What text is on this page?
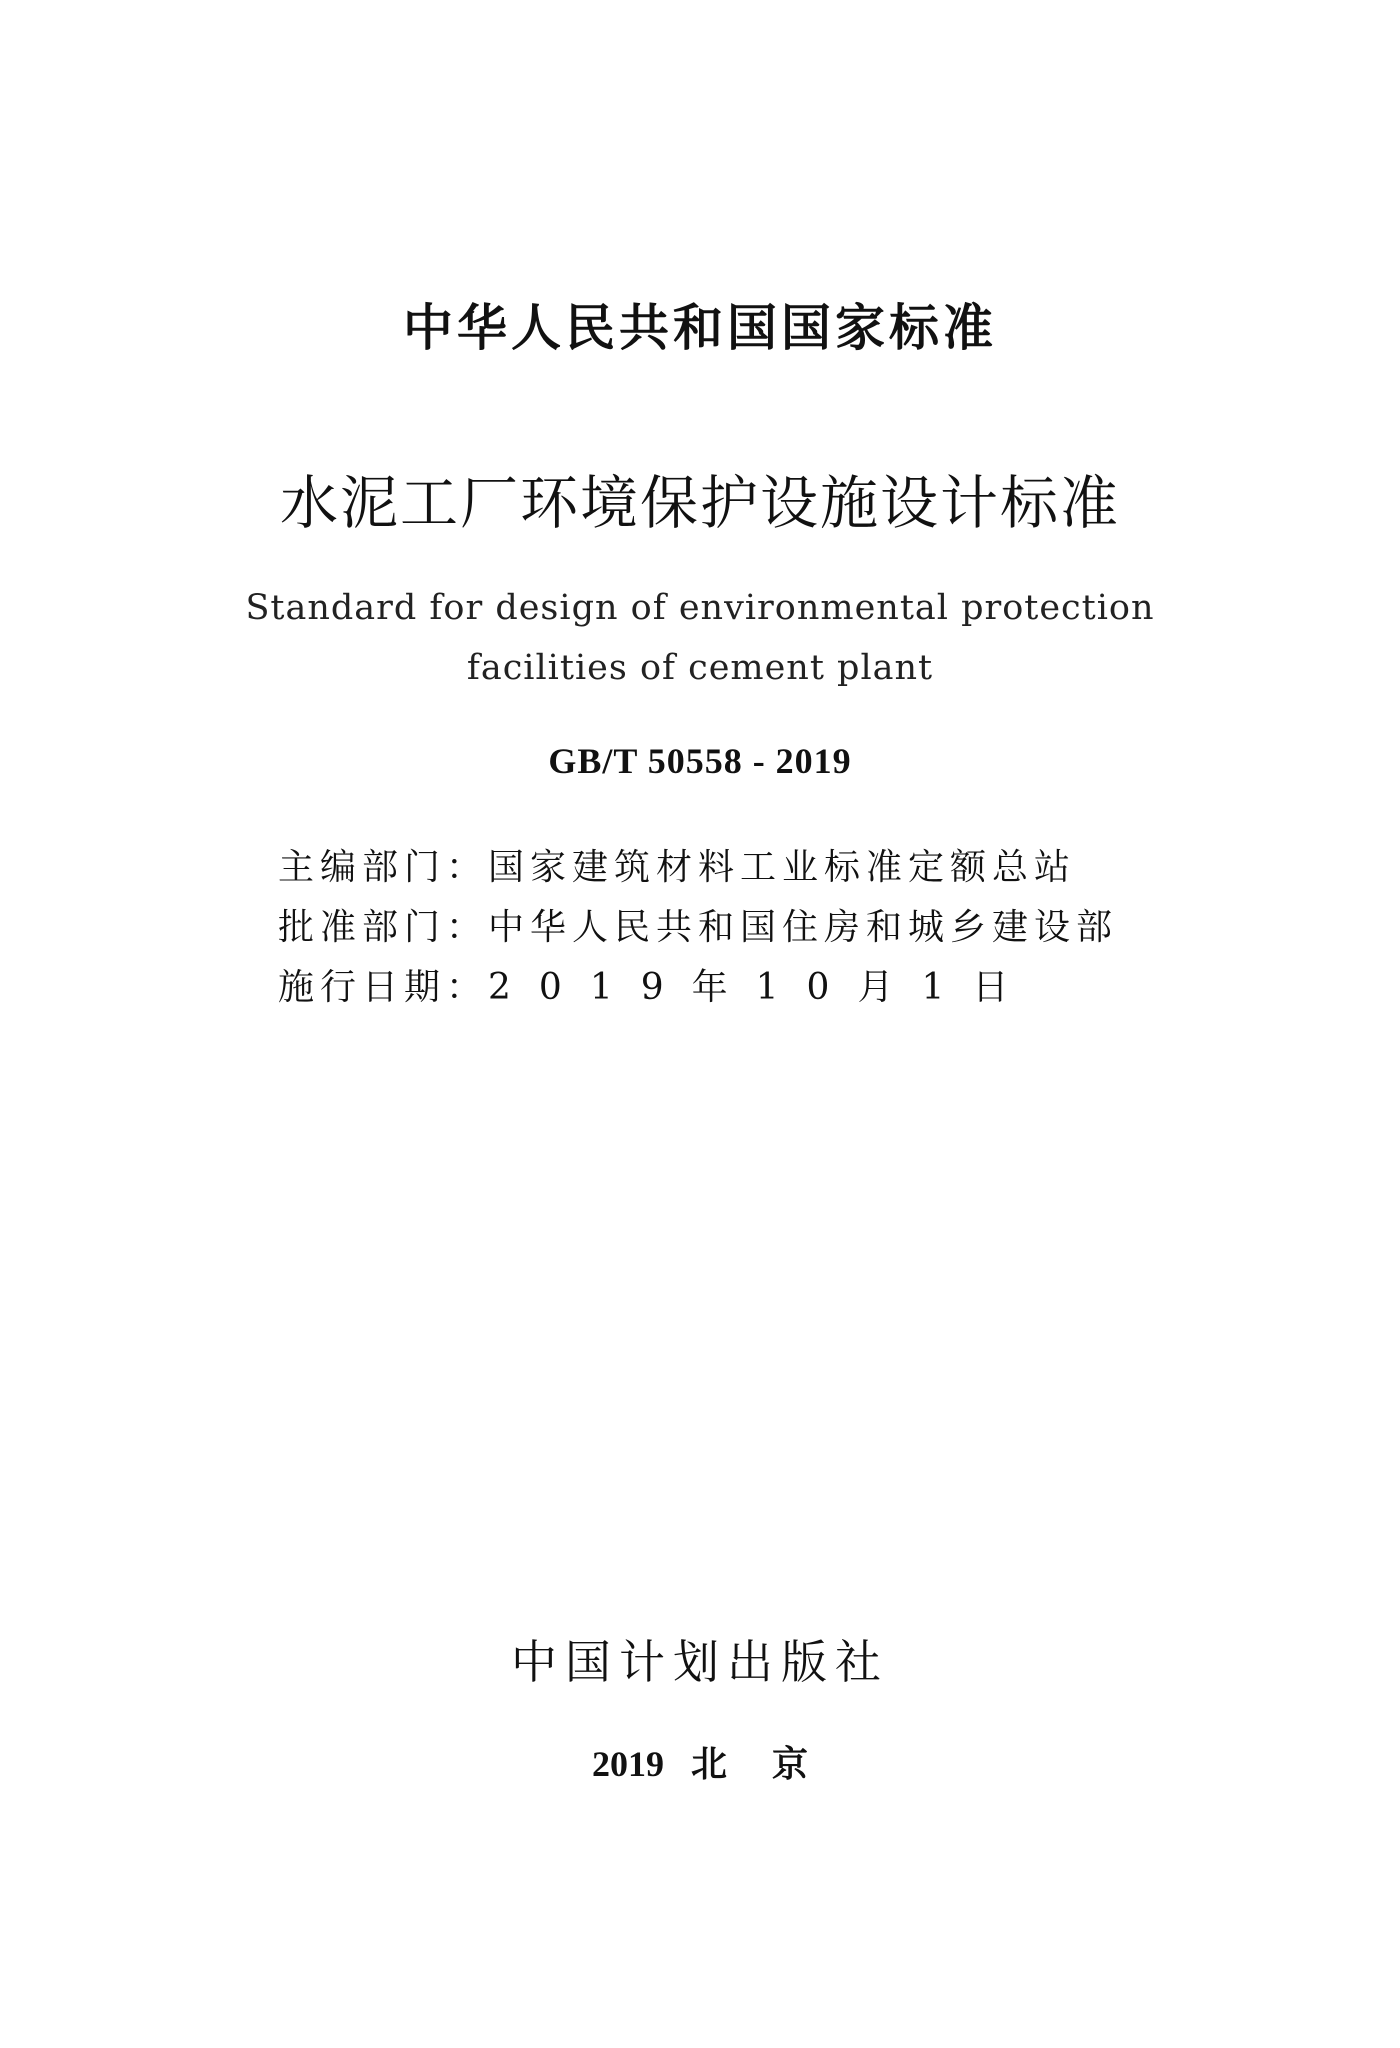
中华人民共和国国家标准
水泥工厂环境保护设施设计标准
Standard for design of environmental protection
facilities of cement plant
GB/T 50558 - 2019
主编部门：国家建筑材料工业标准定额总站
批准部门：中华人民共和国住房和城乡建设部
施行日期：2019年10月1日
中国计划出版社
2019   北     京
